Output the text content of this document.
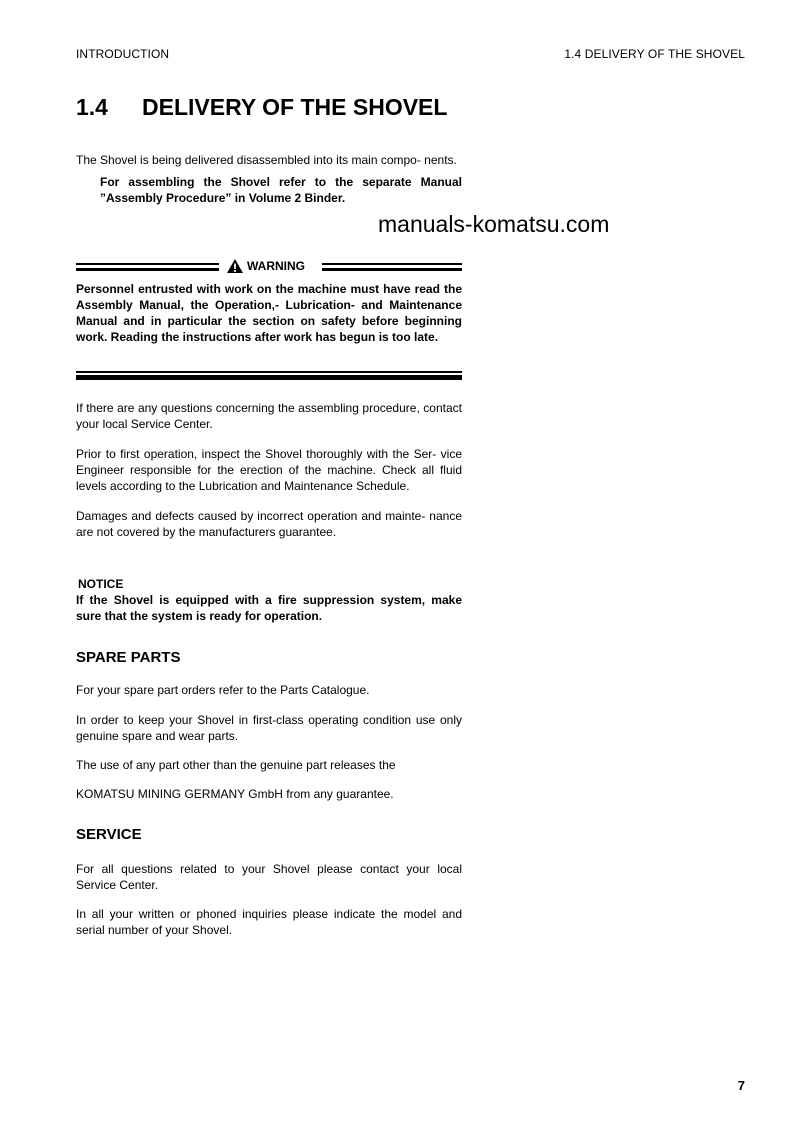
INTRODUCTION	1.4 DELIVERY OF THE SHOVEL
1.4 DELIVERY OF THE SHOVEL

The Shovel is being delivered disassembled into its main compo- nents.

For assembling the Shovel refer to the separate Manual ”Assembly Procedure” in Volume 2 Binder.

manuals-komatsu.com
WARNING

Personnel entrusted with work on the machine must have read the Assembly Manual, the Operation,- Lubrication- and Maintenance Manual and in particular the section on safety before beginning work. Reading the instructions after work has begun is too late.

If there are any questions concerning the assembling procedure, contact your local Service Center.

Prior to first operation, inspect the Shovel thoroughly with the Ser- vice Engineer responsible for the erection of the machine. Check all fluid levels according to the Lubrication and Maintenance Schedule.

Damages and defects caused by incorrect operation and mainte- nance are not covered by the manufacturers guarantee.

NOTICE

If the Shovel is equipped with a fire suppression system, make sure that the system is ready for operation.

SPARE PARTS

For your spare part orders refer to the Parts Catalogue.

In order to keep your Shovel in first-class operating condition use only genuine spare and wear parts.

The use of any part other than the genuine part releases the

KOMATSU MINING GERMANY GmbH from any guarantee.

SERVICE

For all questions related to your Shovel please contact your local Service Center.

In all your written or phoned inquiries please indicate the model and serial number of your Shovel.

7
